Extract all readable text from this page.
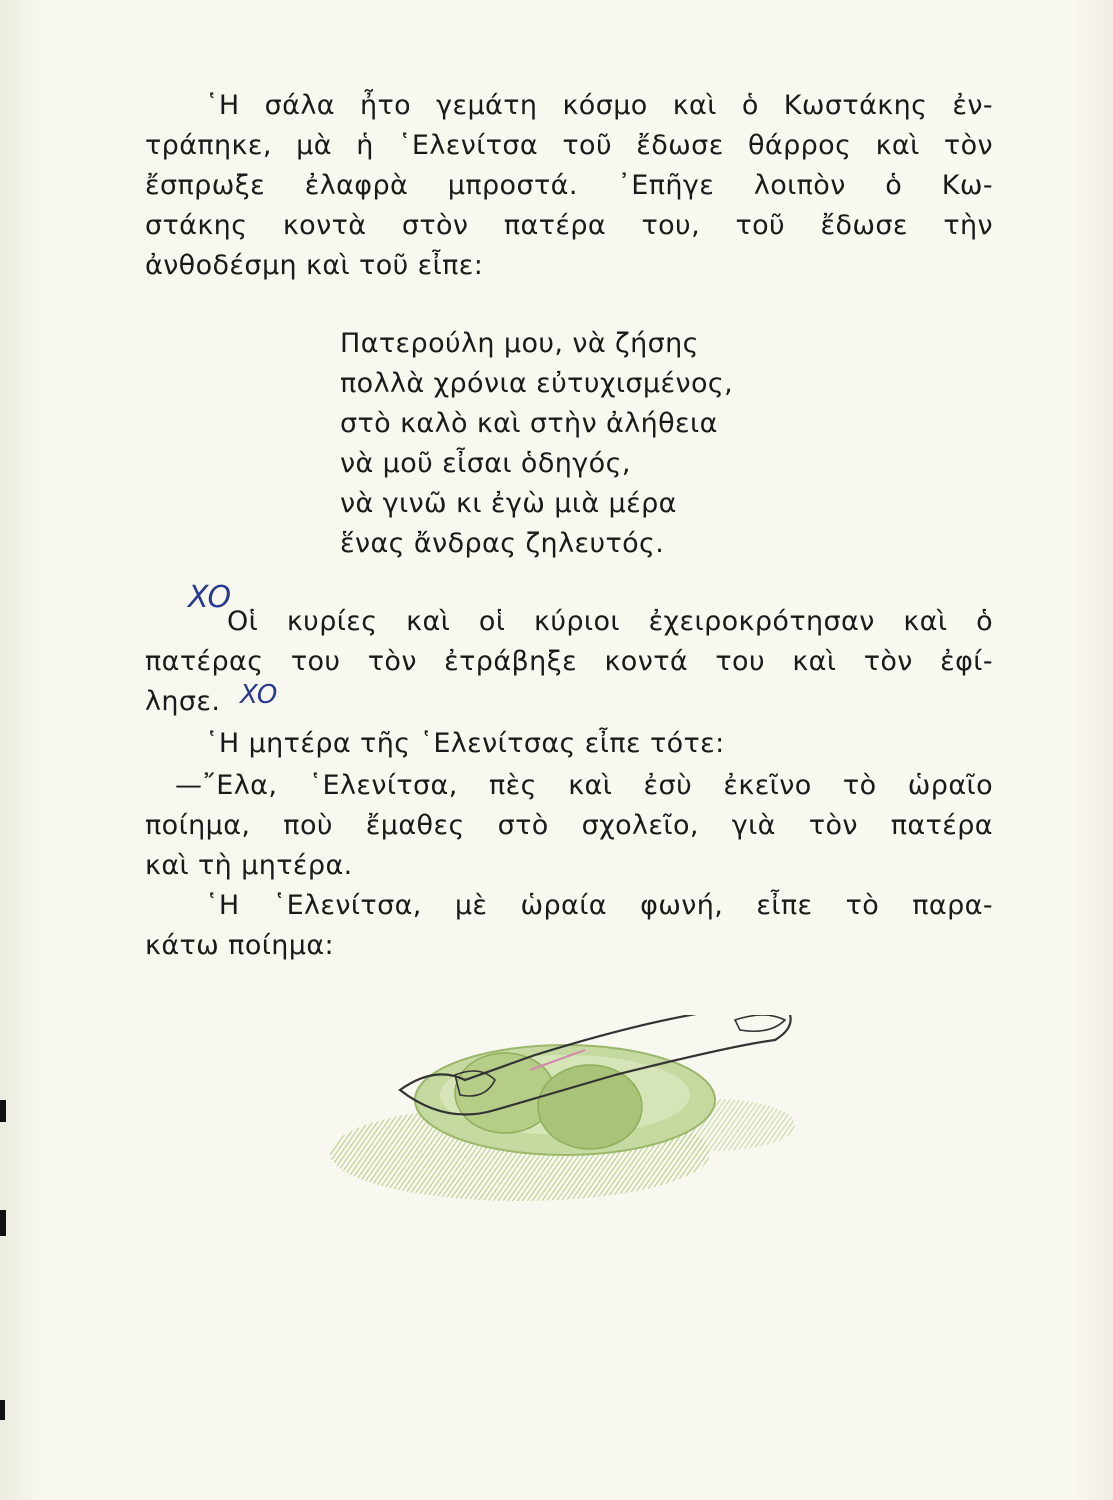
῾Η σάλα ἦτο γεμάτη κόσμο καὶ ὁ Κωστάκης ἐν-
τράπηκε, μὰ ἡ ῾Ελενίτσα τοῦ ἔδωσε θάρρος καὶ τὸν
ἔσπρωξε ἐλαφρὰ μπροστά. ᾿Επῆγε λοιπὸν ὁ Κω-
στάκης κοντὰ στὸν πατέρα του, τοῦ ἔδωσε τὴν
ἀνθοδέσμη καὶ τοῦ εἶπε:
Πατερούλη μου, νὰ ζήσης
πολλὰ χρόνια εὐτυχισμένος,
στὸ καλὸ καὶ στὴν ἀλήθεια
νὰ μοῦ εἶσαι ὁδηγός,
νὰ γινῶ κι ἐγὼ μιὰ μέρα
ἕνας ἄνδρας ζηλευτός.
XO
XO
Οἱ κυρίες καὶ οἱ κύριοι ἐχειροκρότησαν καὶ ὁ
πατέρας του τὸν ἐτράβηξε κοντά του καὶ τὸν ἐφί-
λησε.
῾Η μητέρα τῆς ῾Ελενίτσας εἶπε τότε:
—῎Ελα, ῾Ελενίτσα, πὲς καὶ ἐσὺ ἐκεῖνο τὸ ὡραῖο
ποίημα, ποὺ ἔμαθες στὸ σχολεῖο, γιὰ τὸν πατέρα
καὶ τὴ μητέρα.
῾Η ῾Ελενίτσα, μὲ ὡραία φωνή, εἶπε τὸ παρα-
κάτω ποίημα:
